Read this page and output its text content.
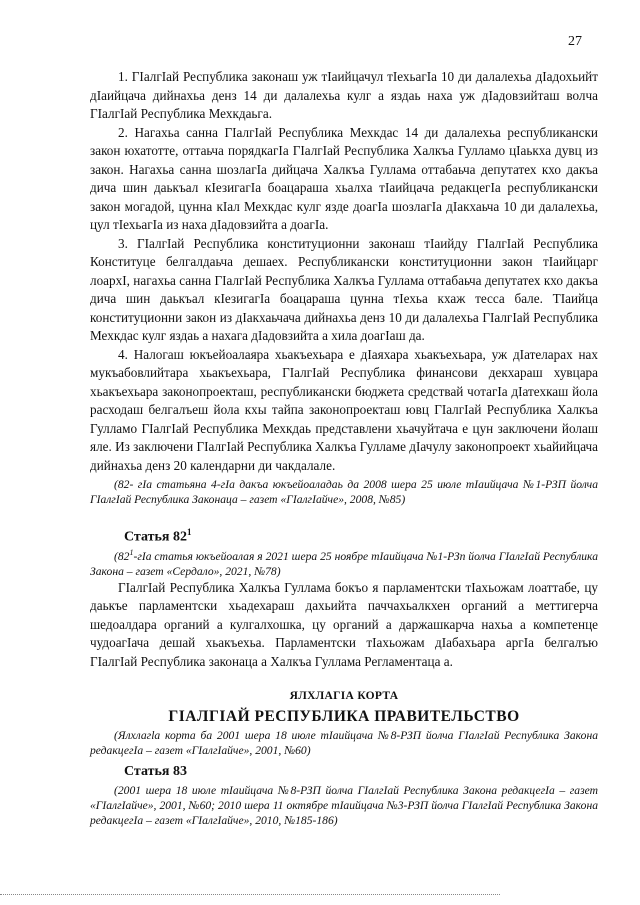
27

1. ГӀалгӀай Республика законаш уж тӀаийцачул тӀехьагӀа 10 ди далалехьа дӀадохьийт дӀаийцача дийнахьа денз 14 ди далалехьа кулг а яздаь наха уж дӀадовзийташ волча ГӀалгӀай Республика Мехкдаьга.

2. Нагахьа санна ГӀалгӀай Республика Мехкдас 14 ди далалехьа республикански закон юхатотте, оттаьча порядкагӀа ГӀалгӀай Республика Халкъа Гулламо цӀаькха дувц из закон. Нагахьа санна шозлагӀа дийцача Халкъа Гуллама оттабаьча депутатех кхо дакъа дича шин даькъал кӀезигагӀа боацараша хьалха тӀаийцача редакцегӀа республикански закон могадой, цунна кӀал Мехкдас кулг язде доагӀа шозлагӀа дӀакхаьча 10 ди далалехьа, цул тӀехьагӀа из наха дӀадовзийта а доагӀа.

3. ГӀалгӀай Республика конституционни законаш тӀаийду ГӀалгӀай Республика Конституце белгалдаьча дешаех. Республикански конституционни закон тӀаийцарг лоархӀ, нагахьа санна ГӀалгӀай Республика Халкъа Гуллама оттабаьча депутатех кхо дакъа дича шин даькъал кӀезигагӀа боацараша цунна тӀехьа кхаж тесса бале. ТӀаийца конституционни закон из дӀакхаьчача дийнахьа денз 10 ди далалехьа ГӀалгӀай Республика Мехкдас кулг яздаь а нахага дӀадовзийта а хила доагӀаш да.

4. Налогаш юкъейоалаяра хьакъехьара е дӀаяхара хьакъехьара, уж дӀателарах нах мукъабовлийтара хьакъехьара, ГӀалгӀай Республика финансови декхараш хувцара хьакъехьара законопроекташ, республикански бюджета средствай чотагӀа дӀатехкаш йола расходаш белгалъеш йола кхы тайпа законопроекташ ювц ГӀалгӀай Республика Халкъа Гулламо ГӀалгӀай Республика Мехкдаь представлени хьачуйтача е цун заключени йолаш яле. Из заключени ГӀалгӀай Республика Халкъа Гулламе дӀачулу законопроект хьайийцача дийнахьа денз 20 календарни ди чакдалале.

(82- гӀа статьяна 4-гӀа дакъа юкъейоаладаь да 2008 шера 25 июле тӀаийцача №1-РЗП йолча ГӀалгӀай Республика Законаца – газет «ГӀалгӀайче», 2008, №85)

Статья $82^1$

(82$^1$-гӀа статья юкъейоалая я 2021 шера 25 ноябре тӀаийцача №1-РЗп йолча ГӀалгӀай Республика Закона – газет «Сердало», 2021, №78)

ГӀалгӀай Республика Халкъа Гуллама бокъо я парламентски тӀахьожам лоаттабе, цу даькъе парламентски хьадехараш дахьийта паччахьалкхен органий а меттигерча шедоалдара органий а кулгалхошка, цу органий а даржашкарча нахьа а компетенце чудоагӀача дешай хьакъехьа. Парламентски тӀахьожам дӀабахьара аргӀа белгалъю ГӀалгӀай Республика законаца а Халкъа Гуллама Регламентаца а.

ЯЛХЛАГӀА КОРТА
ГӀАЛГӀАЙ РЕСПУБЛИКА ПРАВИТЕЛЬСТВО

(Ялхлагӏа корта ба 2001 шера 18 июле тӀаийцача №8-РЗП йолча ГӀалгӀай Республика Закона редакцегӀа – газет «ГӀалгӀайче», 2001, №60)

Статья 83

(2001 шера 18 июле тӀаийцача №8-РЗП йолча ГӀалгӀай Республика Закона редакцегӀа – газет «ГӀалгӀайче», 2001, №60; 2010 шера 11 октябре тӀаийцача №3-РЗП йолча ГӀалгӀай Республика Закона редакцегӀа – газет «ГӀалгӀайче», 2010, №185-186)
